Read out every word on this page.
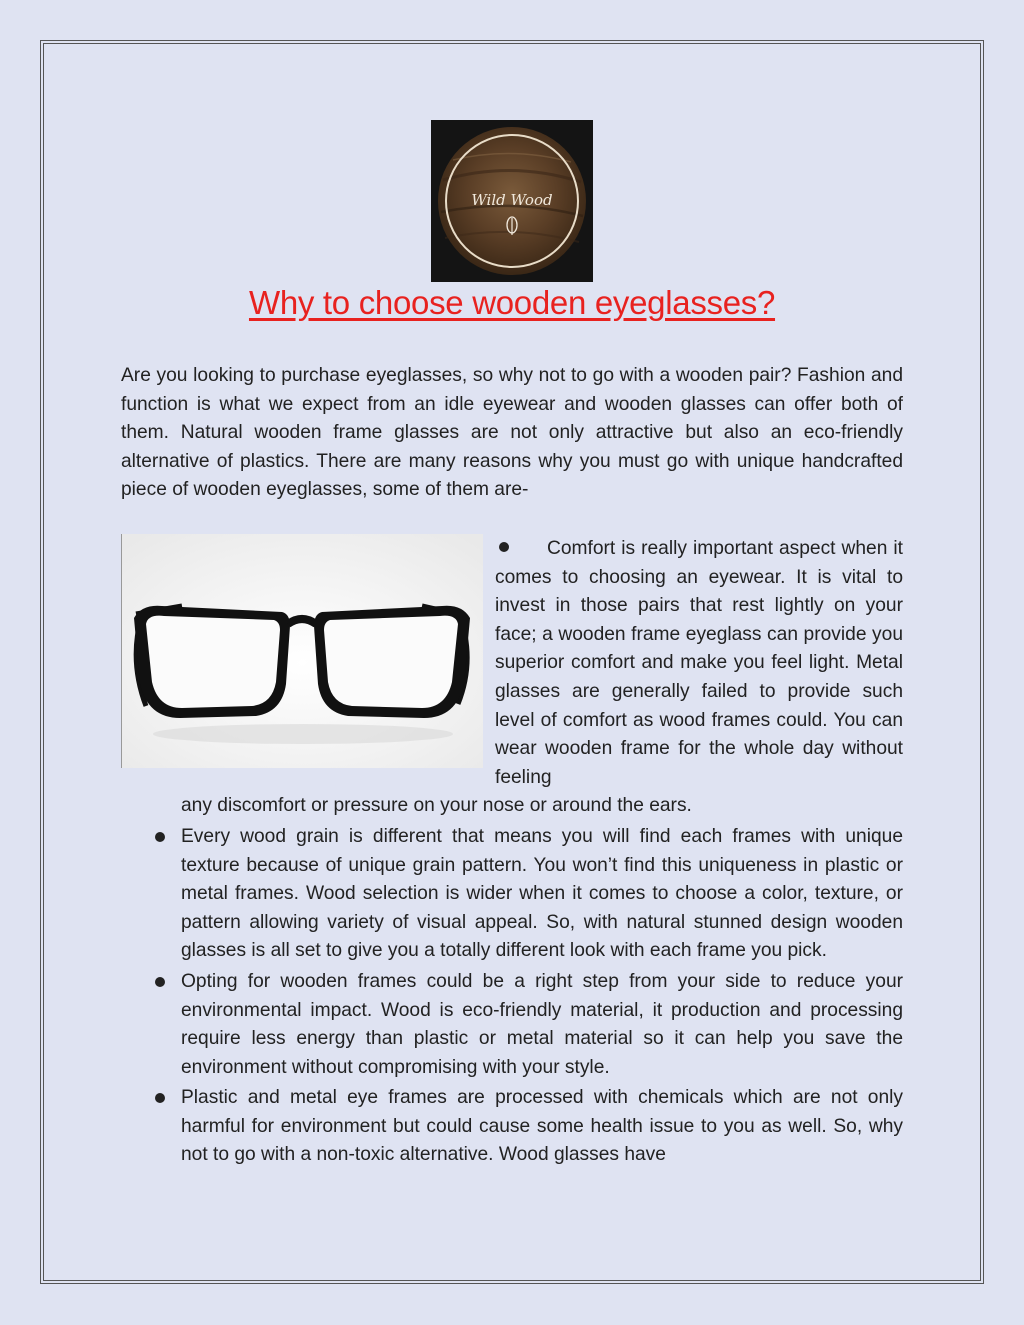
Wild Wood
Why to choose wooden eyeglasses?

Are you looking to purchase eyeglasses, so why not to go with a wooden pair? Fashion and function is what we expect from an idle eyewear and wooden glasses can offer both of them. Natural wooden frame glasses are not only attractive but also an eco-friendly alternative of plastics. There are many reasons why you must go with unique handcrafted piece of wooden eyeglasses, some of them are-

Comfort is really important aspect when it comes to choosing an eyewear. It is vital to invest in those pairs that rest lightly on your face; a wooden frame eyeglass can provide you superior comfort and make you feel light. Metal glasses are generally failed to provide such level of comfort as wood frames could. You can wear wooden frame for the whole day without feeling
any discomfort or pressure on your nose or around the ears.
Every wood grain is different that means you will find each frames with unique texture because of unique grain pattern. You won’t find this uniqueness in plastic or metal frames. Wood selection is wider when it comes to choose a color, texture, or pattern allowing variety of visual appeal. So, with natural stunned design wooden glasses is all set to give you a totally different look with each frame you pick.
Opting for wooden frames could be a right step from your side to reduce your environmental impact. Wood is eco-friendly material, it production and processing require less energy than plastic or metal material so it can help you save the environment without compromising with your style.
Plastic and metal eye frames are processed with chemicals which are not only harmful for environment but could cause some health issue to you as well. So, why not to go with a non-toxic alternative. Wood glasses have
